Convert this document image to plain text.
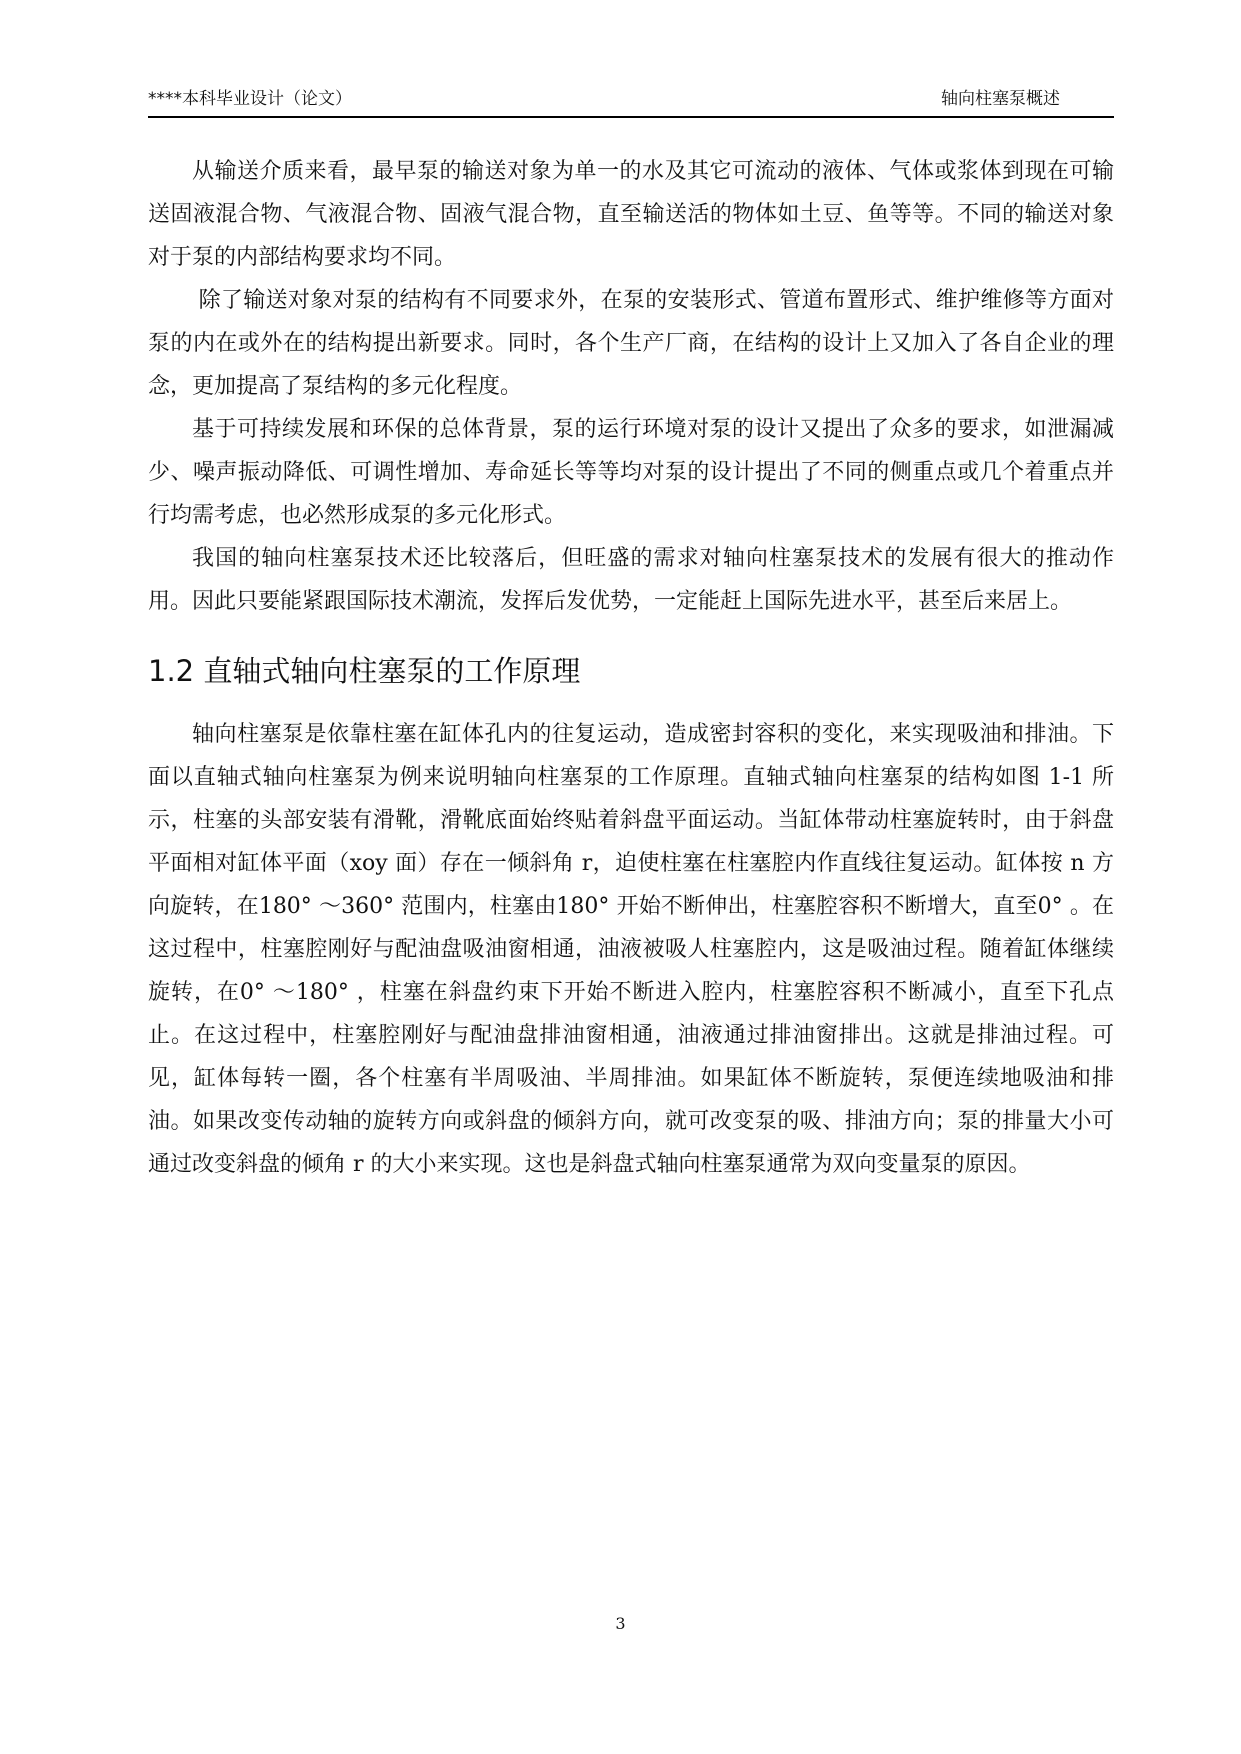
****本科毕业设计（论文）	轴向柱塞泵概述

从输送介质来看，最早泵的输送对象为单一的水及其它可流动的液体、气体或浆体到现在可输送固液混合物、气液混合物、固液气混合物，直至输送活的物体如土豆、鱼等等。不同的输送对象对于泵的内部结构要求均不同。

除了输送对象对泵的结构有不同要求外，在泵的安装形式、管道布置形式、维护维修等方面对泵的内在或外在的结构提出新要求。同时，各个生产厂商，在结构的设计上又加入了各自企业的理念，更加提高了泵结构的多元化程度。

基于可持续发展和环保的总体背景，泵的运行环境对泵的设计又提出了众多的要求，如泄漏减少、噪声振动降低、可调性增加、寿命延长等等均对泵的设计提出了不同的侧重点或几个着重点并行均需考虑，也必然形成泵的多元化形式。

我国的轴向柱塞泵技术还比较落后，但旺盛的需求对轴向柱塞泵技术的发展有很大的推动作用。因此只要能紧跟国际技术潮流，发挥后发优势，一定能赶上国际先进水平，甚至后来居上。

1.2 直轴式轴向柱塞泵的工作原理

轴向柱塞泵是依靠柱塞在缸体孔内的往复运动，造成密封容积的变化，来实现吸油和排油。下面以直轴式轴向柱塞泵为例来说明轴向柱塞泵的工作原理。直轴式轴向柱塞泵的结构如图 1-1 所示，柱塞的头部安装有滑靴，滑靴底面始终贴着斜盘平面运动。当缸体带动柱塞旋转时，由于斜盘平面相对缸体平面（xoy 面）存在一倾斜角 r，迫使柱塞在柱塞腔内作直线往复运动。缸体按 n 方向旋转，在180° ～360° 范围内，柱塞由180° 开始不断伸出，柱塞腔容积不断增大，直至0° 。在这过程中，柱塞腔刚好与配油盘吸油窗相通，油液被吸人柱塞腔内，这是吸油过程。随着缸体继续旋转，在0° ～180° ，柱塞在斜盘约束下开始不断进入腔内，柱塞腔容积不断减小，直至下孔点止。在这过程中，柱塞腔刚好与配油盘排油窗相通，油液通过排油窗排出。这就是排油过程。可见，缸体每转一圈，各个柱塞有半周吸油、半周排油。如果缸体不断旋转，泵便连续地吸油和排油。如果改变传动轴的旋转方向或斜盘的倾斜方向，就可改变泵的吸、排油方向；泵的排量大小可通过改变斜盘的倾角 r 的大小来实现。这也是斜盘式轴向柱塞泵通常为双向变量泵的原因。

3
